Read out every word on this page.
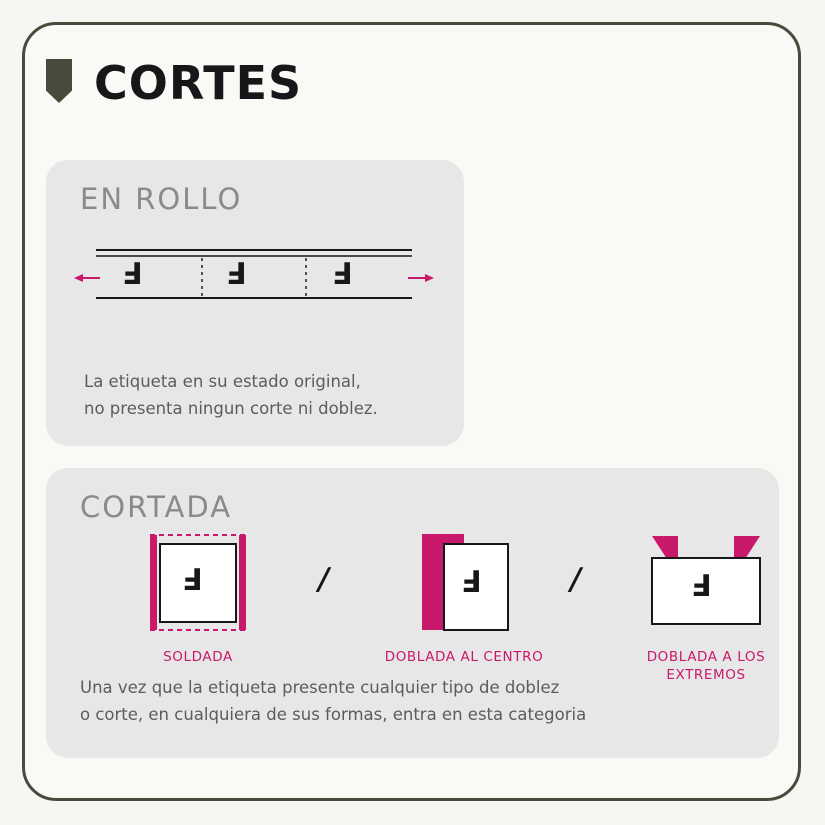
CORTES
EN ROLLO
Ⅎ	Ⅎ	Ⅎ
La etiqueta en su estado original,
no presenta ningun corte ni doblez.
CORTADA
Ⅎ
SOLDADA
/	Ⅎ
DOBLADA AL CENTRO
/	Ⅎ
DOBLADA A LOS
EXTREMOS
Una vez que la etiqueta presente cualquier tipo de doblez
o corte, en cualquiera de sus formas, entra en esta categoria
